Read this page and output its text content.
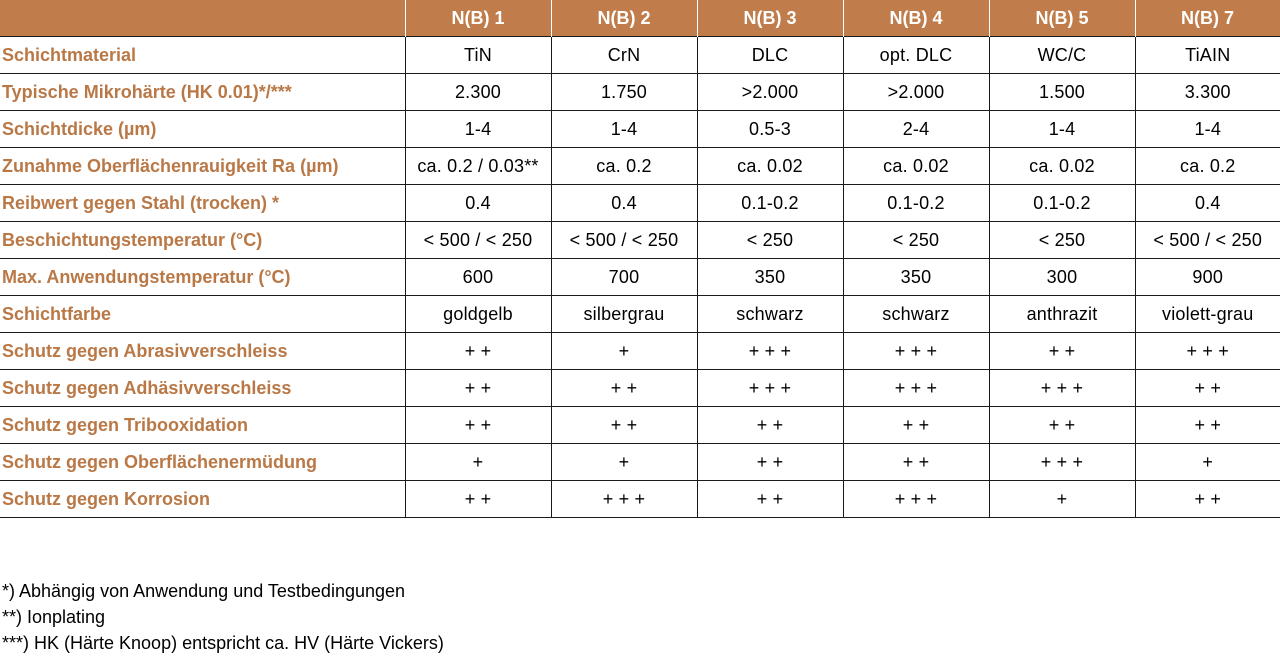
	N(B) 1	N(B) 2	N(B) 3	N(B) 4	N(B) 5	N(B) 7
Schichtmaterial	TiN	CrN	DLC	opt. DLC	WC/C	TiAIN
Typische Mikrohärte (HK 0.01)*/***	2.300	1.750	>2.000	>2.000	1.500	3.300
Schichtdicke (µm)	1-4	1-4	0.5-3	2-4	1-4	1-4
Zunahme Oberflächenrauigkeit Ra (µm)	ca. 0.2 / 0.03**	ca. 0.2	ca. 0.02	ca. 0.02	ca. 0.02	ca. 0.2
Reibwert gegen Stahl (trocken) *	0.4	0.4	0.1-0.2	0.1-0.2	0.1-0.2	0.4
Beschichtungstemperatur (°C)	< 500 / < 250	< 500 / < 250	< 250	< 250	< 250	< 500 / < 250
Max. Anwendungstemperatur (°C)	600	700	350	350	300	900
Schichtfarbe	goldgelb	silbergrau	schwarz	schwarz	anthrazit	violett-grau
Schutz gegen Abrasivverschleiss	+ +	+	+ + +	+ + +	+ +	+ + +
Schutz gegen Adhäsivverschleiss	+ +	+ +	+ + +	+ + +	+ + +	+ +
Schutz gegen Tribooxidation	+ +	+ +	+ +	+ +	+ +	+ +
Schutz gegen Oberflächenermüdung	+	+	+ +	+ +	+ + +	+
Schutz gegen Korrosion	+ +	+ + +	+ +	+ + +	+	+ +
*) Abhängig von Anwendung und Testbedingungen
**) Ionplating
***) HK (Härte Knoop) entspricht ca. HV (Härte Vickers)
